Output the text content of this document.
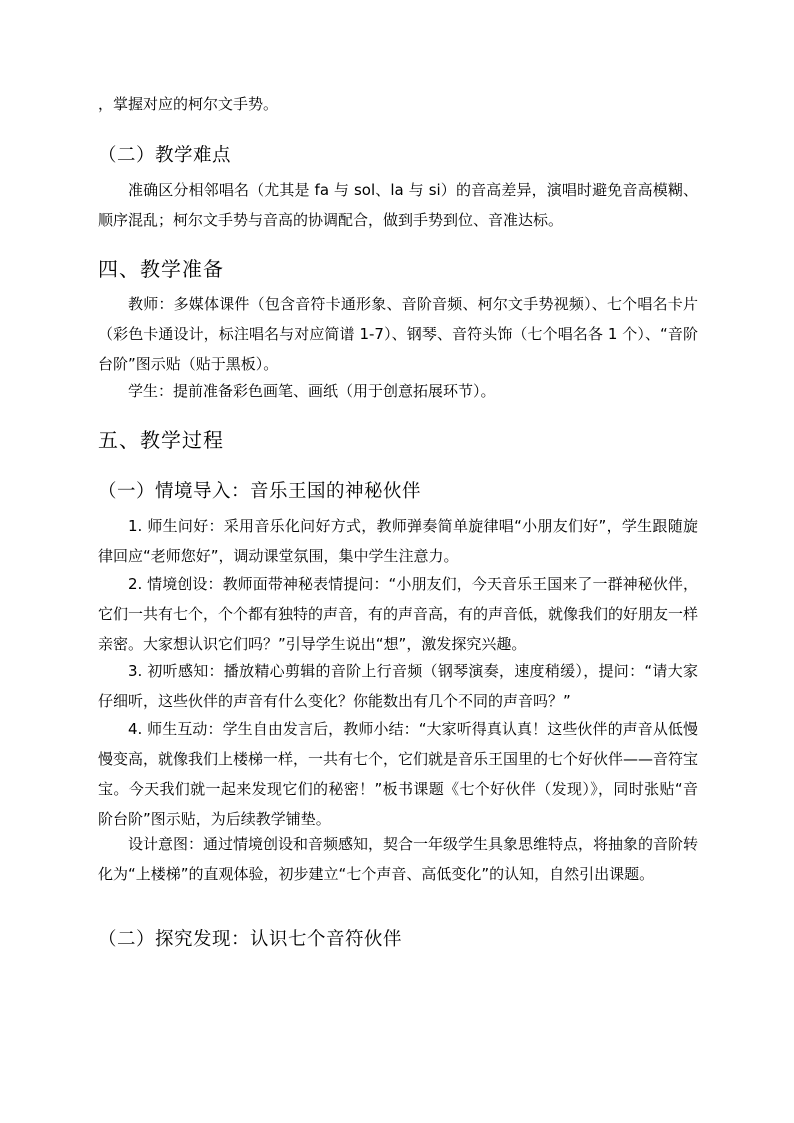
，掌握对应的柯尔文手势。
（二）教学难点
准确区分相邻唱名（尤其是 fa 与 sol、la 与 si）的音高差异，演唱时避免音高模糊、顺序混乱；柯尔文手势与音高的协调配合，做到手势到位、音准达标。
四、教学准备
教师：多媒体课件（包含音符卡通形象、音阶音频、柯尔文手势视频）、七个唱名卡片（彩色卡通设计，标注唱名与对应简谱 1-7）、钢琴、音符头饰（七个唱名各 1 个）、“音阶台阶”图示贴（贴于黑板）。
学生：提前准备彩色画笔、画纸（用于创意拓展环节）。
五、教学过程
（一）情境导入：音乐王国的神秘伙伴
1. 师生问好：采用音乐化问好方式，教师弹奏简单旋律唱“小朋友们好”，学生跟随旋律回应“老师您好”，调动课堂氛围，集中学生注意力。
2. 情境创设：教师面带神秘表情提问：“小朋友们，今天音乐王国来了一群神秘伙伴，它们一共有七个，个个都有独特的声音，有的声音高，有的声音低，就像我们的好朋友一样亲密。大家想认识它们吗？”引导学生说出“想”，激发探究兴趣。
3. 初听感知：播放精心剪辑的音阶上行音频（钢琴演奏，速度稍缓），提问：“请大家仔细听，这些伙伴的声音有什么变化？你能数出有几个不同的声音吗？”
4. 师生互动：学生自由发言后，教师小结：“大家听得真认真！这些伙伴的声音从低慢慢变高，就像我们上楼梯一样，一共有七个，它们就是音乐王国里的七个好伙伴——音符宝宝。今天我们就一起来发现它们的秘密！”板书课题《七个好伙伴（发现）》，同时张贴“音阶台阶”图示贴，为后续教学铺垫。
设计意图：通过情境创设和音频感知，契合一年级学生具象思维特点，将抽象的音阶转化为“上楼梯”的直观体验，初步建立“七个声音、高低变化”的认知，自然引出课题。
（二）探究发现：认识七个音符伙伴
